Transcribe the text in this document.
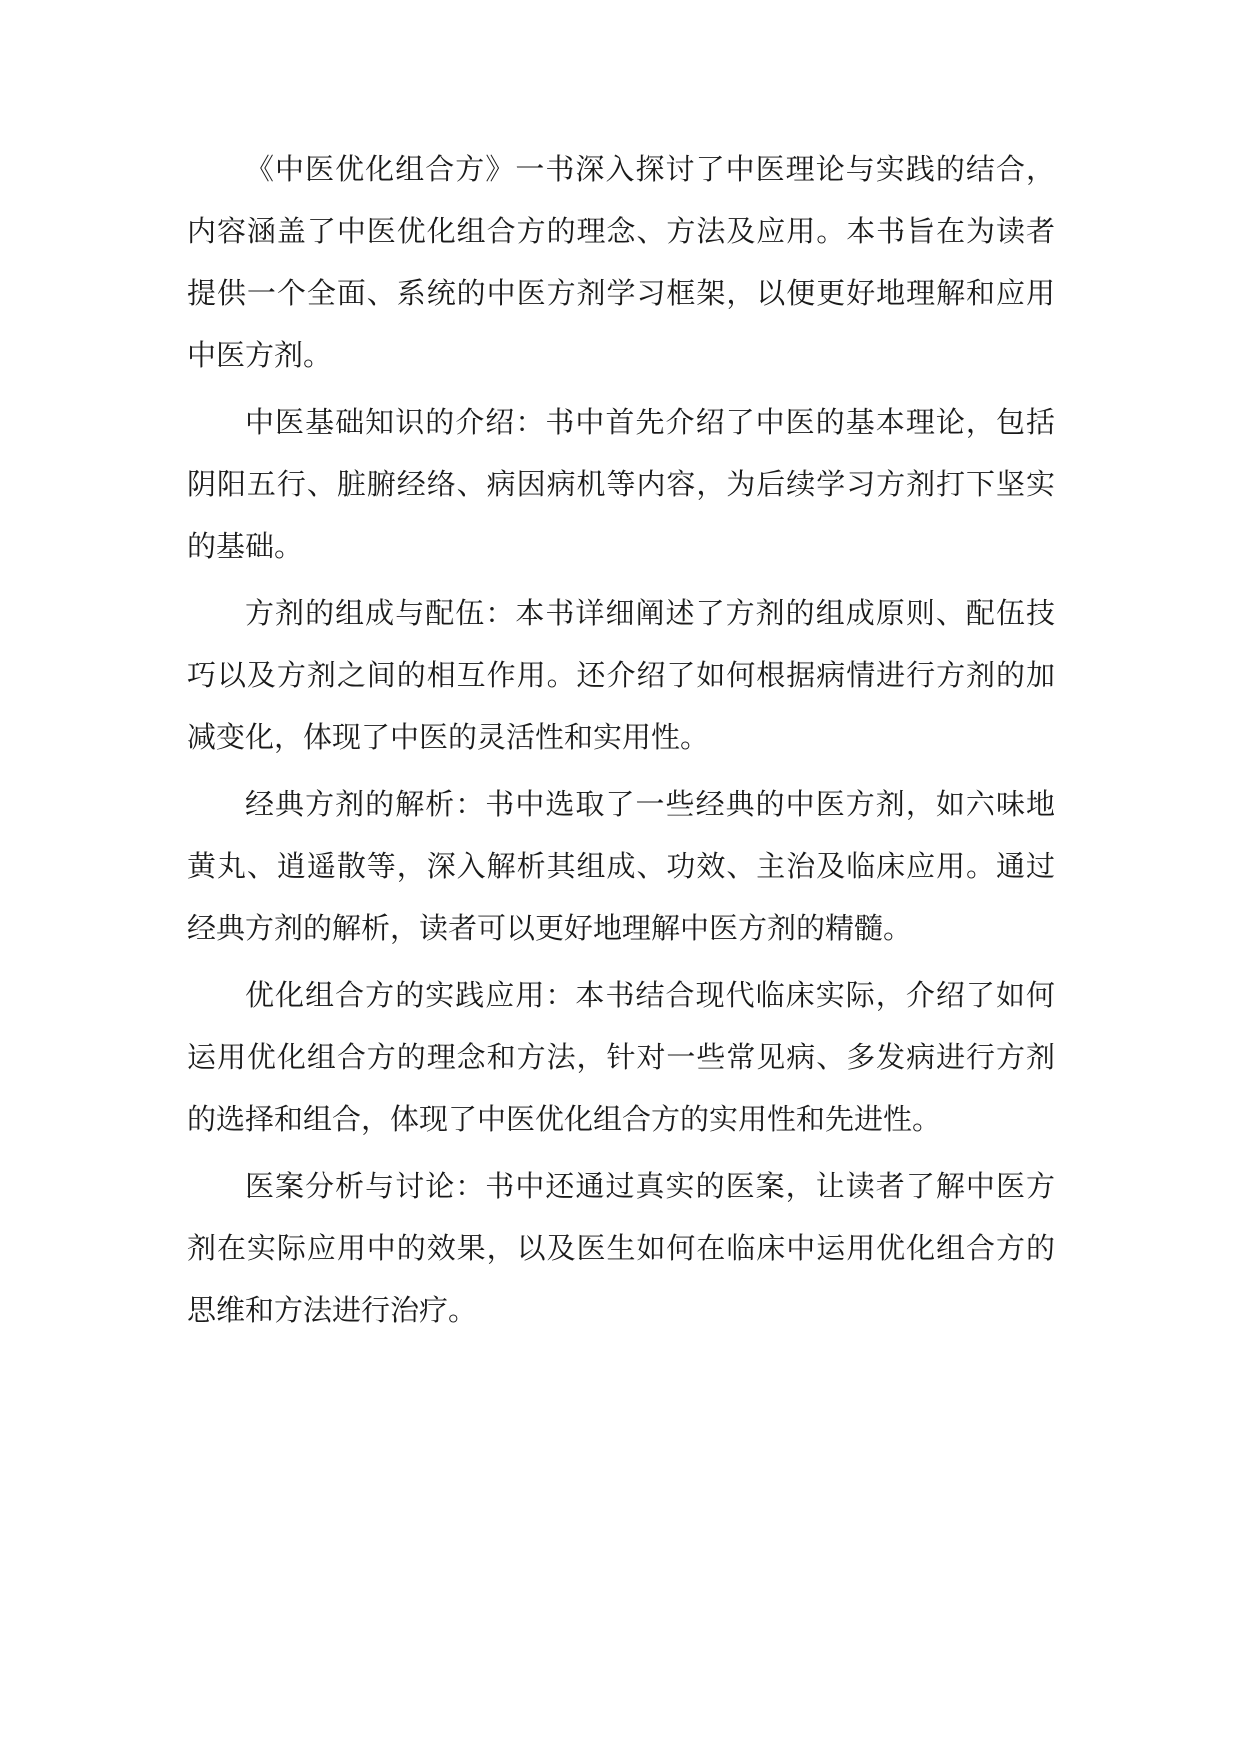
《中医优化组合方》一书深入探讨了中医理论与实践的结合，内容涵盖了中医优化组合方的理念、方法及应用。本书旨在为读者提供一个全面、系统的中医方剂学习框架，以便更好地理解和应用中医方剂。

中医基础知识的介绍：书中首先介绍了中医的基本理论，包括阴阳五行、脏腑经络、病因病机等内容，为后续学习方剂打下坚实的基础。

方剂的组成与配伍：本书详细阐述了方剂的组成原则、配伍技巧以及方剂之间的相互作用。还介绍了如何根据病情进行方剂的加减变化，体现了中医的灵活性和实用性。

经典方剂的解析：书中选取了一些经典的中医方剂，如六味地黄丸、逍遥散等，深入解析其组成、功效、主治及临床应用。通过经典方剂的解析，读者可以更好地理解中医方剂的精髓。

优化组合方的实践应用：本书结合现代临床实际，介绍了如何运用优化组合方的理念和方法，针对一些常见病、多发病进行方剂的选择和组合，体现了中医优化组合方的实用性和先进性。

医案分析与讨论：书中还通过真实的医案，让读者了解中医方剂在实际应用中的效果，以及医生如何在临床中运用优化组合方的思维和方法进行治疗。
